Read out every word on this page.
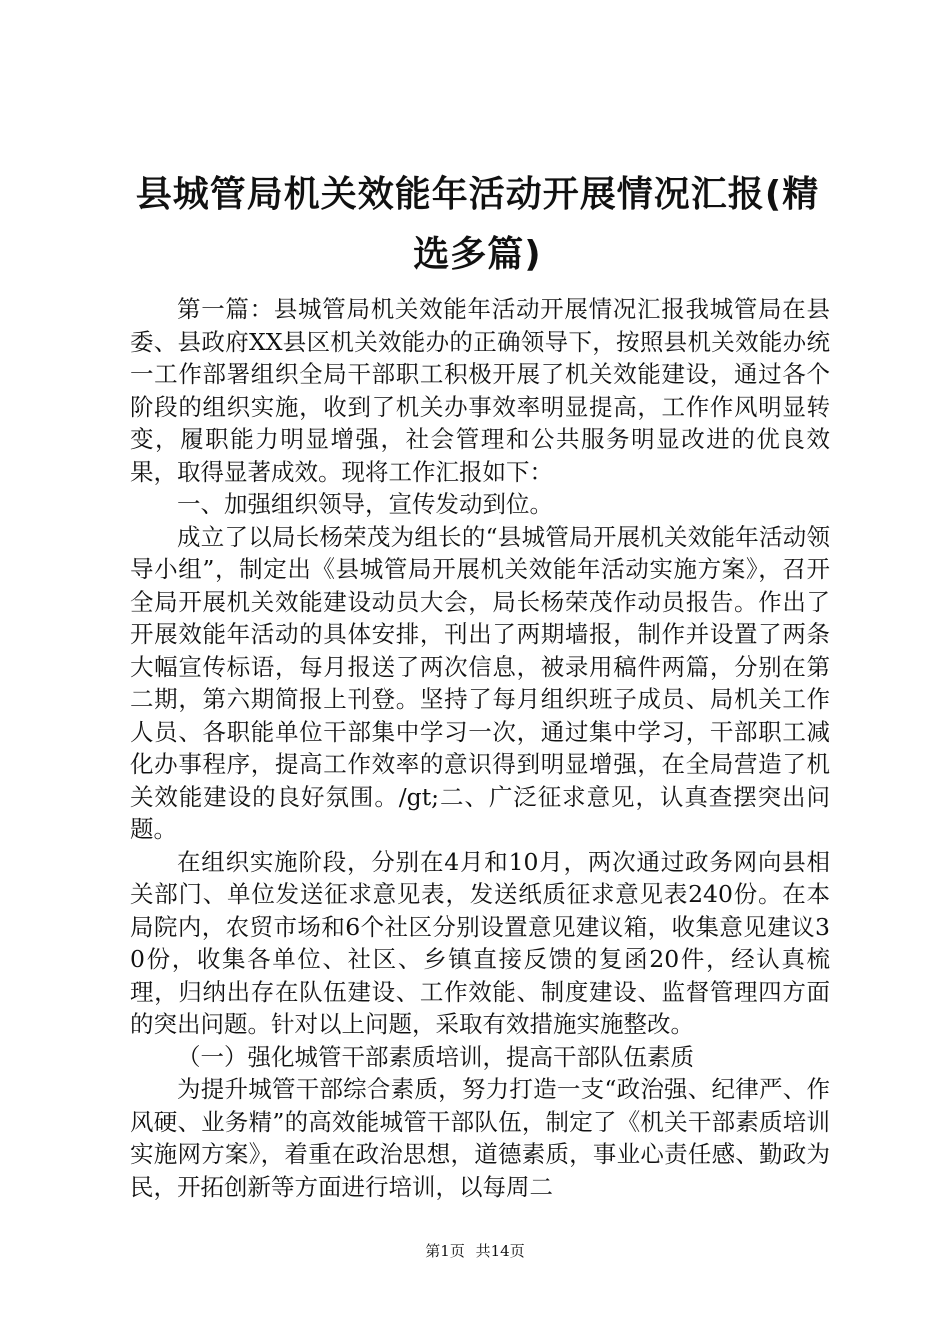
县城管局机关效能年活动开展情况汇报(精选多篇)

第一篇：县城管局机关效能年活动开展情况汇报我城管局在县委、县政府XX县区机关效能办的正确领导下，按照县机关效能办统一工作部署组织全局干部职工积极开展了机关效能建设，通过各个阶段的组织实施，收到了机关办事效率明显提高，工作作风明显转变，履职能力明显增强，社会管理和公共服务明显改进的优良效果，取得显著成效。现将工作汇报如下：

一、加强组织领导，宣传发动到位。

成立了以局长杨荣茂为组长的“县城管局开展机关效能年活动领导小组”，制定出《县城管局开展机关效能年活动实施方案》，召开全局开展机关效能建设动员大会，局长杨荣茂作动员报告。作出了开展效能年活动的具体安排，刊出了两期墙报，制作并设置了两条大幅宣传标语，每月报送了两次信息，被录用稿件两篇，分别在第二期，第六期简报上刊登。坚持了每月组织班子成员、局机关工作人员、各职能单位干部集中学习一次，通过集中学习，干部职工减化办事程序，提高工作效率的意识得到明显增强，在全局营造了机关效能建设的良好氛围。/gt;二、广泛征求意见，认真查摆突出问题。

在组织实施阶段，分别在4月和10月，两次通过政务网向县相关部门、单位发送征求意见表，发送纸质征求意见表240份。在本局院内，农贸市场和6个社区分别设置意见建议箱，收集意见建议30份，收集各单位、社区、乡镇直接反馈的复函20件，经认真梳理，归纳出存在队伍建设、工作效能、制度建设、监督管理四方面的突出问题。针对以上问题，采取有效措施实施整改。

（一）强化城管干部素质培训，提高干部队伍素质

为提升城管干部综合素质，努力打造一支“政治强、纪律严、作风硬、业务精”的高效能城管干部队伍，制定了《机关干部素质培训实施网方案》，着重在政治思想，道德素质，事业心责任感、勤政为民，开拓创新等方面进行培训，以每周二

第1页 共14页
